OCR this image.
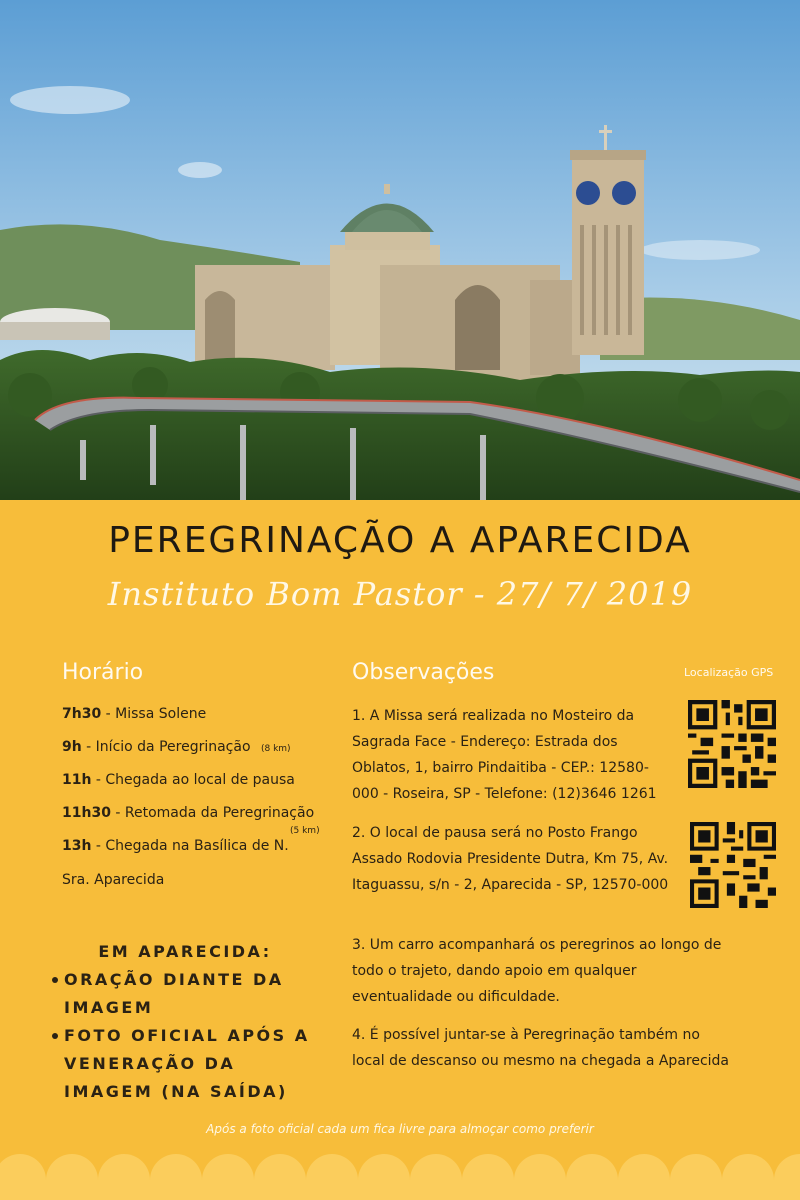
PEREGRINAÇÃO A APARECIDA
Instituto Bom Pastor - 27/ 7/ 2019
Horário
7h30 - Missa Solene
9h - Início da Peregrinação (8 km)
11h - Chegada ao local de pausa
11h30 - Retomada da Peregrinação
(5 km)
13h - Chegada na Basílica de N.
Sra. Aparecida
EM APARECIDA:
ORAÇÃO DIANTE DA IMAGEM
FOTO OFICIAL APÓS A VENERAÇÃO DA IMAGEM (NA SAÍDA)
Observações	Localização GPS
1. A Missa será realizada no Mosteiro da Sagrada Face - Endereço: Estrada dos Oblatos, 1, bairro Pindaitiba - CEP.: 12580-000 - Roseira, SP - Telefone: (12)3646 1261
2. O local de pausa será no Posto Frango Assado Rodovia Presidente Dutra, Km 75, Av. Itaguassu, s/n - 2, Aparecida - SP, 12570-000
3. Um carro acompanhará os peregrinos ao longo de todo o trajeto, dando apoio em qualquer eventualidade ou dificuldade.
4. É possível juntar-se à Peregrinação também no local de descanso ou mesmo na chegada a Aparecida
Após a foto oficial cada um fica livre para almoçar como preferir
